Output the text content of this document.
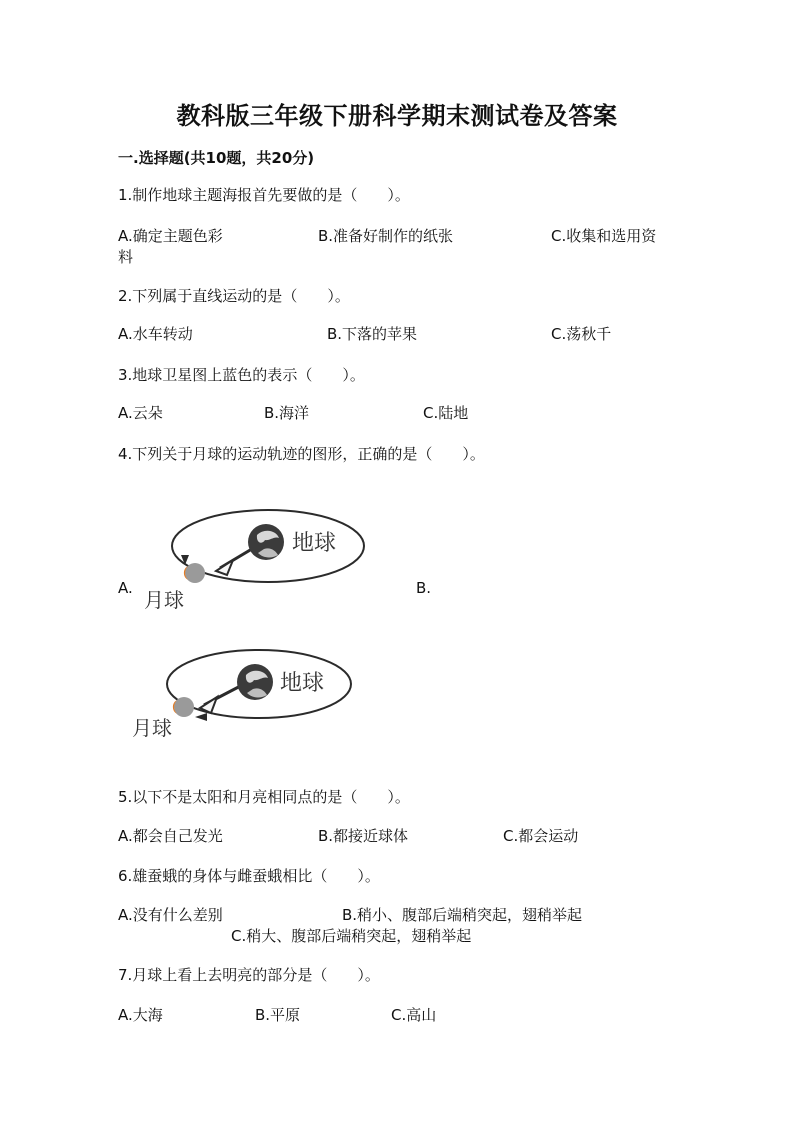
教科版三年级下册科学期末测试卷及答案
一.选择题(共10题，共20分)
1.制作地球主题海报首先要做的是（　　）。
A.确定主题色彩
料
B.准备好制作的纸张	C.收集和选用资
2.下列属于直线运动的是（　　）。
A.水车转动	B.下落的苹果	C.荡秋千
3.地球卫星图上蓝色的表示（　　）。
A.云朵	B.海洋	C.陆地
4.下列关于月球的运动轨迹的图形，正确的是（　　）。
A.	B.
地球
月球
地球
月球
5.以下不是太阳和月亮相同点的是（　　）。
A.都会自己发光	B.都接近球体	C.都会运动
6.雄蚕蛾的身体与雌蚕蛾相比（　　）。
A.没有什么差别	B.稍小、腹部后端稍突起，翅稍举起
C.稍大、腹部后端稍突起，翅稍举起
7.月球上看上去明亮的部分是（　　）。
A.大海	B.平原	C.高山
